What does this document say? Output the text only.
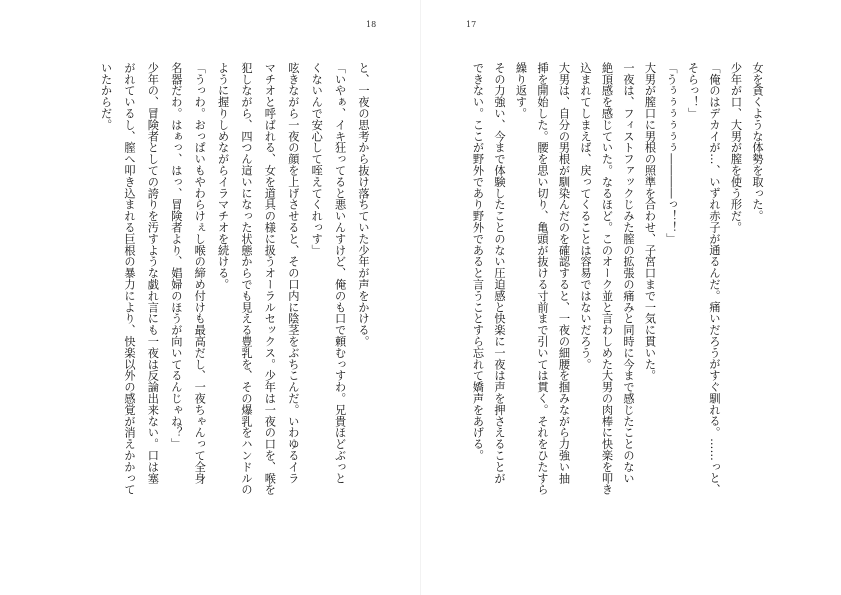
18	17
と、一夜の思考から抜け落ちていた少年が声をかける。
「いやぁ、イキ狂ってると悪いんすけど、俺のも口で頼むっすわ。兄貴ほどぶっと
くないんで安心して咥えてくれっす」
呟きながら一夜の顔を上げさせると、その口内に陰茎をぶちこんだ。いわゆるイラ
マチオと呼ばれる、女を道具の様に扱うオーラルセックス。少年は一夜の口を、喉を
犯しながら、四つん這いになった状態からでも見える豊乳を、その爆乳をハンドルの
ように握りしめながらイラマチオを続ける。
「うっわ。おっぱいもやわらけぇし喉の締め付けも最高だし、一夜ちゃんって全身
名器だわ。はぁっ、はっ、冒険者より、娼婦のほうが向いてるんじゃね？」
少年の、冒険者としての誇りを汚すような戯れ言にも一夜は反論出来ない。口は塞
がれているし、膣へ叩き込まれる巨根の暴力により、快楽以外の感覚が消えかかって
いたからだ。	女を貪くような体勢を取った。
少年が口、大男が膣を使う形だ。
「俺のはデカイが…、いずれ赤子が通るんだ。痛いだろうがすぐ馴れる。……っと、
そらっ！」
「うぅぅぅぅぅぅ――――っ！！」
大男が膣口に男根の照準を合わせ、子宮口まで一気に貫いた。
一夜は、フィストファックじみた膣の拡張の痛みと同時に今まで感じたことのない
絶頂感を感じていた。なるほど。このオーク並と言わしめた大男の肉棒に快楽を叩き
込まれてしまえば、戻ってくることは容易ではないだろう。
大男は、自分の男根が馴染んだのを確認すると、一夜の細腰を掴みながら力強い抽
挿を開始した。腰を思い切り、亀頭が抜ける寸前まで引いては貫く。それをひたすら
繰り返す。
その力強い、今まで体験したことのない圧迫感と快楽に一夜は声を押さえることが
できない。ここが野外であり野外であると言うことすら忘れて嬌声をあげる。
